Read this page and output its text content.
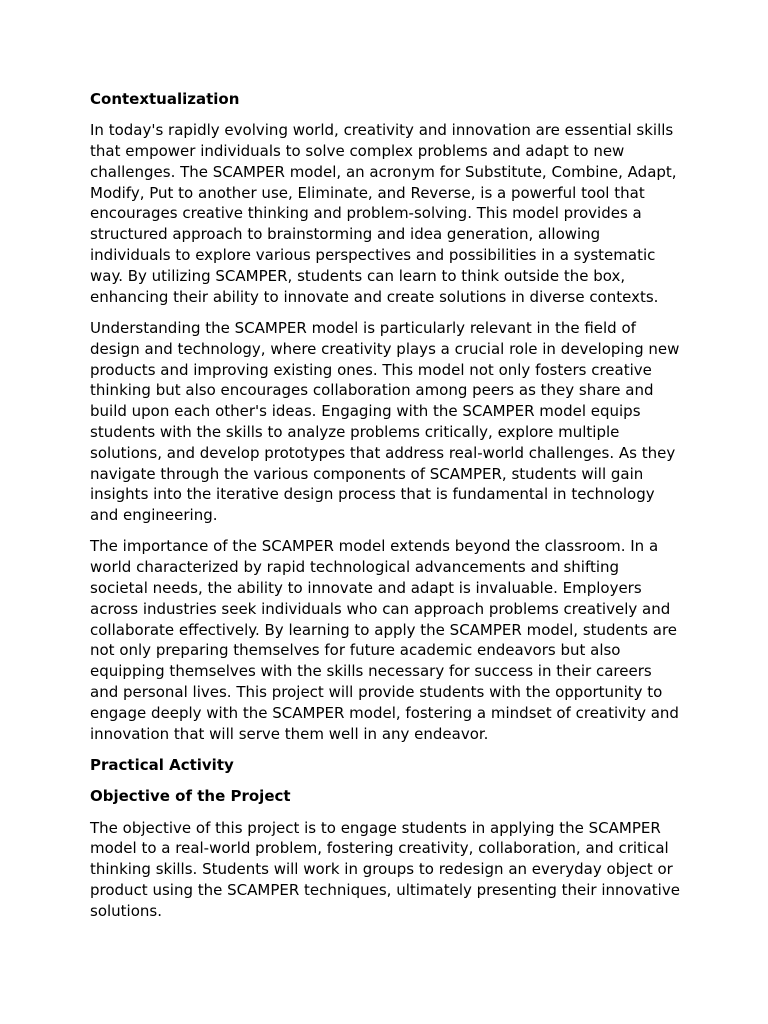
Contextualization

In today's rapidly evolving world, creativity and innovation are essential skills that empower individuals to solve complex problems and adapt to new challenges. The SCAMPER model, an acronym for Substitute, Combine, Adapt, Modify, Put to another use, Eliminate, and Reverse, is a powerful tool that encourages creative thinking and problem-solving. This model provides a structured approach to brainstorming and idea generation, allowing individuals to explore various perspectives and possibilities in a systematic way. By utilizing SCAMPER, students can learn to think outside the box, enhancing their ability to innovate and create solutions in diverse contexts.

Understanding the SCAMPER model is particularly relevant in the field of design and technology, where creativity plays a crucial role in developing new products and improving existing ones. This model not only fosters creative thinking but also encourages collaboration among peers as they share and build upon each other's ideas. Engaging with the SCAMPER model equips students with the skills to analyze problems critically, explore multiple solutions, and develop prototypes that address real-world challenges. As they navigate through the various components of SCAMPER, students will gain insights into the iterative design process that is fundamental in technology and engineering.

The importance of the SCAMPER model extends beyond the classroom. In a world characterized by rapid technological advancements and shifting societal needs, the ability to innovate and adapt is invaluable. Employers across industries seek individuals who can approach problems creatively and collaborate effectively. By learning to apply the SCAMPER model, students are not only preparing themselves for future academic endeavors but also equipping themselves with the skills necessary for success in their careers and personal lives. This project will provide students with the opportunity to engage deeply with the SCAMPER model, fostering a mindset of creativity and innovation that will serve them well in any endeavor.

Practical Activity
Objective of the Project

The objective of this project is to engage students in applying the SCAMPER model to a real-world problem, fostering creativity, collaboration, and critical thinking skills. Students will work in groups to redesign an everyday object or product using the SCAMPER techniques, ultimately presenting their innovative solutions.
